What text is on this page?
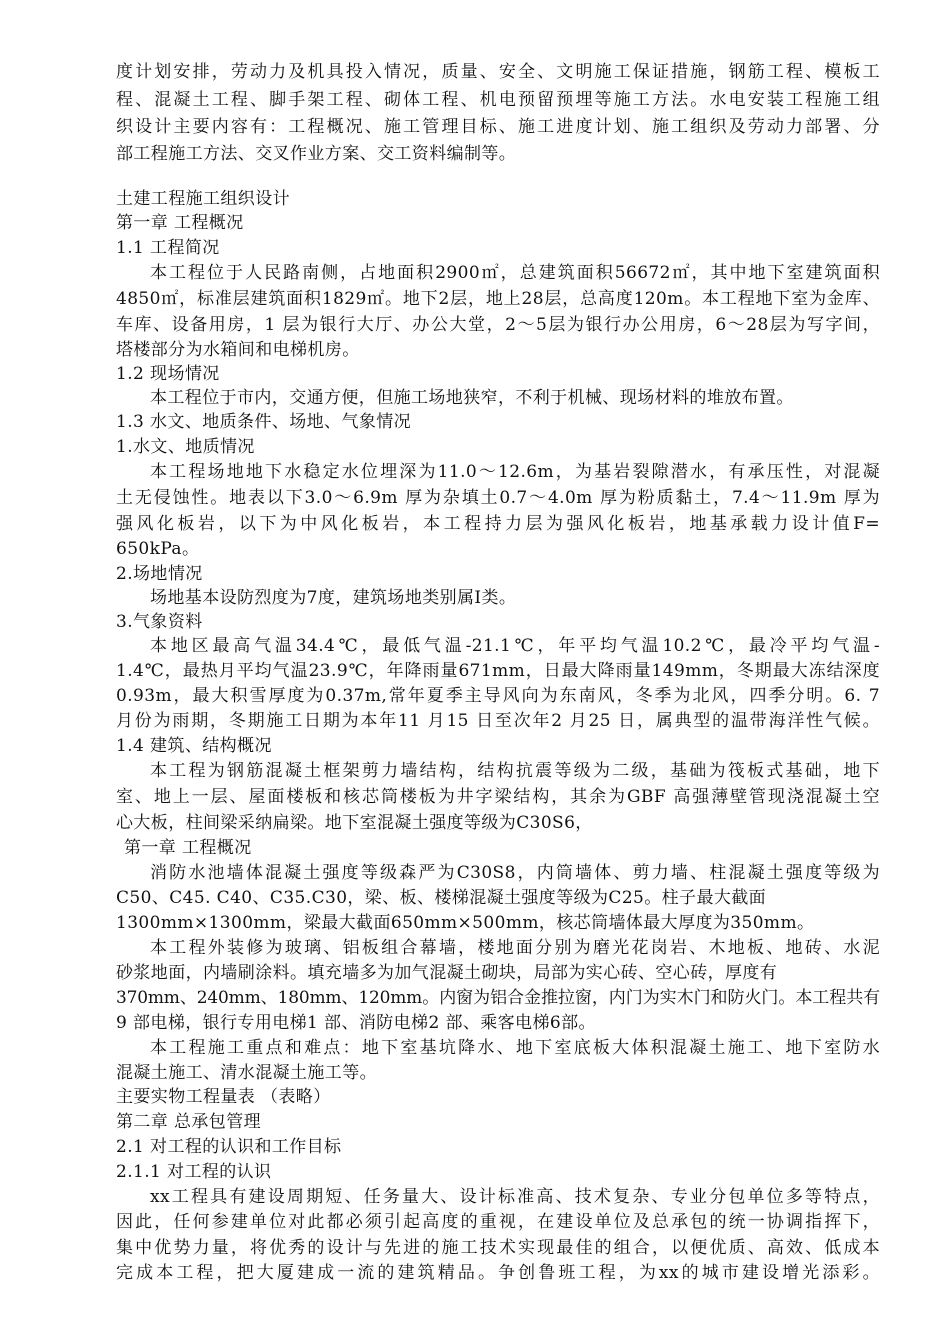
度计划安排，劳动力及机具投入情况，质量、安全、文明施工保证措施，钢筋工程、模板工
程、混凝土工程、脚手架工程、砌体工程、机电预留预埋等施工方法。水电安装工程施工组
织设计主要内容有：工程概况、施工管理目标、施工进度计划、施工组织及劳动力部署、分
部工程施工方法、交叉作业方案、交工资料编制等。
土建工程施工组织设计
第一章 工程概况
1.1 工程简况
本工程位于人民路南侧，占地面积2900㎡，总建筑面积56672㎡，其中地下室建筑面积
4850㎡，标准层建筑面积1829㎡。地下2层，地上28层，总高度120m。本工程地下室为金库、
车库、设备用房，1 层为银行大厅、办公大堂，2～5层为银行办公用房，6～28层为写字间，
塔楼部分为水箱间和电梯机房。
1.2 现场情况
本工程位于市内，交通方便，但施工场地狭窄，不利于机械、现场材料的堆放布置。
1.3 水文、地质条件、场地、气象情况
1.水文、地质情况
本工程场地地下水稳定水位埋深为11.0～12.6m，为基岩裂隙潜水，有承压性，对混凝
土无侵蚀性。地表以下3.0～6.9m 厚为杂填土0.7～4.0m 厚为粉质黏土，7.4～11.9m 厚为
强风化板岩，以下为中风化板岩，本工程持力层为强风化板岩，地基承载力设计值F=
650kPa。
2.场地情况
场地基本设防烈度为7度，建筑场地类别属Ⅰ类。
3.气象资料
本地区最高气温34.4℃，最低气温-21.1℃，年平均气温10.2℃，最冷平均气温-
1.4℃，最热月平均气温23.9℃，年降雨量671mm，日最大降雨量149mm，冬期最大冻结深度
0.93m，最大积雪厚度为0.37m,常年夏季主导风向为东南风，冬季为北风，四季分明。6. 7
月份为雨期，冬期施工日期为本年11 月15 日至次年2 月25 日，属典型的温带海洋性气候。
1.4 建筑、结构概况
本工程为钢筋混凝土框架剪力墙结构，结构抗震等级为二级，基础为筏板式基础，地下
室、地上一层、屋面楼板和核芯筒楼板为井字梁结构，其余为GBF 高强薄壁管现浇混凝土空
心大板，柱间梁采纳扁梁。地下室混凝土强度等级为C30S6，
第一章 工程概况
消防水池墙体混凝土强度等级森严为C30S8，内筒墙体、剪力墙、柱混凝土强度等级为
C50、C45. C40、C35.C30，梁、板、楼梯混凝土强度等级为C25。柱子最大截面
1300mm×1300mm，梁最大截面650mm×500mm，核芯筒墙体最大厚度为350mm。
本工程外装修为玻璃、铝板组合幕墙，楼地面分别为磨光花岗岩、木地板、地砖、水泥
砂浆地面，内墙刷涂料。填充墙多为加气混凝土砌块，局部为实心砖、空心砖，厚度有
370mm、240mm、180mm、120mm。内窗为铝合金推拉窗，内门为实木门和防火门。本工程共有
9 部电梯，银行专用电梯1 部、消防电梯2 部、乘客电梯6部。
本工程施工重点和难点：地下室基坑降水、地下室底板大体积混凝土施工、地下室防水
混凝土施工、清水混凝土施工等。
主要实物工程量表 （表略）
第二章 总承包管理
2.1 对工程的认识和工作目标
2.1.1 对工程的认识
xx工程具有建设周期短、任务量大、设计标准高、技术复杂、专业分包单位多等特点，
因此，任何参建单位对此都必须引起高度的重视，在建设单位及总承包的统一协调指挥下，
集中优势力量，将优秀的设计与先进的施工技术实现最佳的组合，以便优质、高效、低成本
完成本工程，把大厦建成一流的建筑精品。争创鲁班工程，为xx的城市建设增光添彩。
